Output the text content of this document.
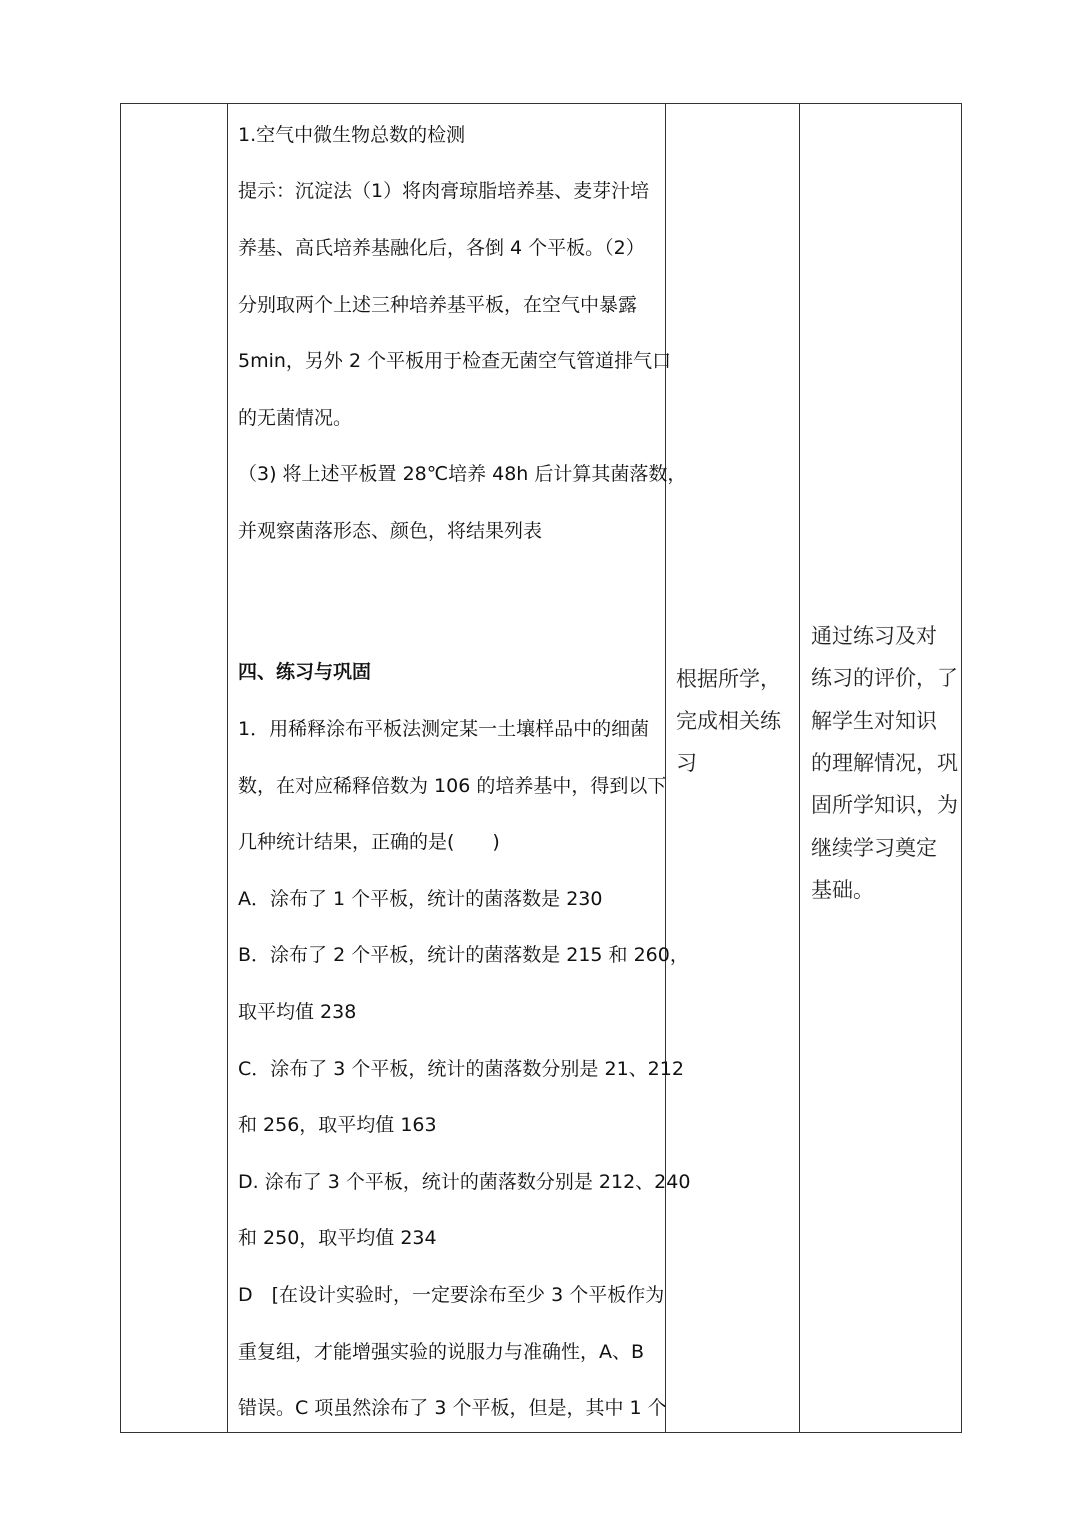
1.空气中微生物总数的检测
提示：沉淀法（1）将肉膏琼脂培养基、麦芽汁培
养基、高氏培养基融化后，各倒 4 个平板。（2）
分别取两个上述三种培养基平板，在空气中暴露
5min，另外 2 个平板用于检查无菌空气管道排气口
的无菌情况。
（3) 将上述平板置 28℃培养 48h 后计算其菌落数，
并观察菌落形态、颜色，将结果列表
四、练习与巩固
1．用稀释涂布平板法测定某一土壤样品中的细菌
数，在对应稀释倍数为 106 的培养基中，得到以下
几种统计结果，正确的是(　　)
A．涂布了 1 个平板，统计的菌落数是 230
B．涂布了 2 个平板，统计的菌落数是 215 和 260，
取平均值 238
C．涂布了 3 个平板，统计的菌落数分别是 21、212
和 256，取平均值 163
D. 涂布了 3 个平板，统计的菌落数分别是 212、240
和 250，取平均值 234
D　[在设计实验时，一定要涂布至少 3 个平板作为
重复组，才能增强实验的说服力与准确性，A、B
错误。C 项虽然涂布了 3 个平板，但是，其中 1 个
根据所学，
完成相关练
习
通过练习及对
练习的评价，了
解学生对知识
的理解情况，巩
固所学知识，为
继续学习奠定
基础。
